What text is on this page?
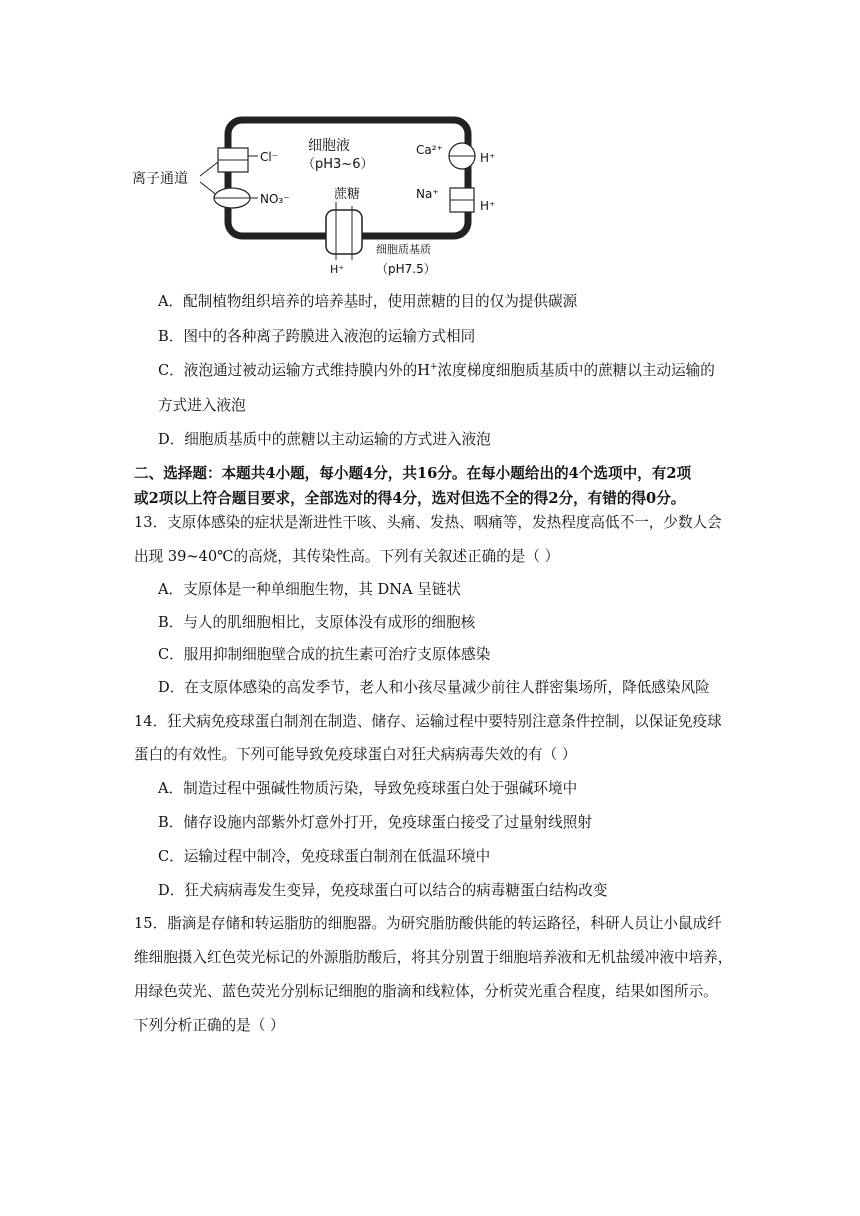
细胞液
（pH3~6）
离子通道
Cl⁻
NO₃⁻	蔗糖
H⁺
细胞质基质
（pH7.5）
Ca²⁺
H⁺
Na⁺
H⁺
A．配制植物组织培养的培养基时，使用蔗糖的目的仅为提供碳源
B．图中的各种离子跨膜进入液泡的运输方式相同
C．液泡通过被动运输方式维持膜内外的H+浓度梯度细胞质基质中的蔗糖以主动运输的
方式进入液泡
D．细胞质基质中的蔗糖以主动运输的方式进入液泡
二、选择题：本题共4小题，每小题4分，共16分。在每小题给出的4个选项中，有2项
或2项以上符合题目要求，全部选对的得4分，选对但选不全的得2分，有错的得0分。
13．支原体感染的症状是渐进性干咳、头痛、发热、咽痛等，发热程度高低不一，少数人会
出现 39~40℃的高烧，其传染性高。下列有关叙述正确的是（ ）
A．支原体是一种单细胞生物，其 DNA 呈链状
B．与人的肌细胞相比，支原体没有成形的细胞核
C．服用抑制细胞壁合成的抗生素可治疗支原体感染
D．在支原体感染的高发季节，老人和小孩尽量减少前往人群密集场所，降低感染风险
14．狂犬病免疫球蛋白制剂在制造、储存、运输过程中要特别注意条件控制，以保证免疫球
蛋白的有效性。下列可能导致免疫球蛋白对狂犬病病毒失效的有（ ）
A．制造过程中强碱性物质污染，导致免疫球蛋白处于强碱环境中
B．储存设施内部紫外灯意外打开，免疫球蛋白接受了过量射线照射
C．运输过程中制冷，免疫球蛋白制剂在低温环境中
D．狂犬病病毒发生变异，免疫球蛋白可以结合的病毒糖蛋白结构改变
15．脂滴是存储和转运脂肪的细胞器。为研究脂肪酸供能的转运路径，科研人员让小鼠成纤
维细胞摄入红色荧光标记的外源脂肪酸后，将其分别置于细胞培养液和无机盐缓冲液中培养，
用绿色荧光、蓝色荧光分别标记细胞的脂滴和线粒体，分析荧光重合程度，结果如图所示。
下列分析正确的是（ ）
